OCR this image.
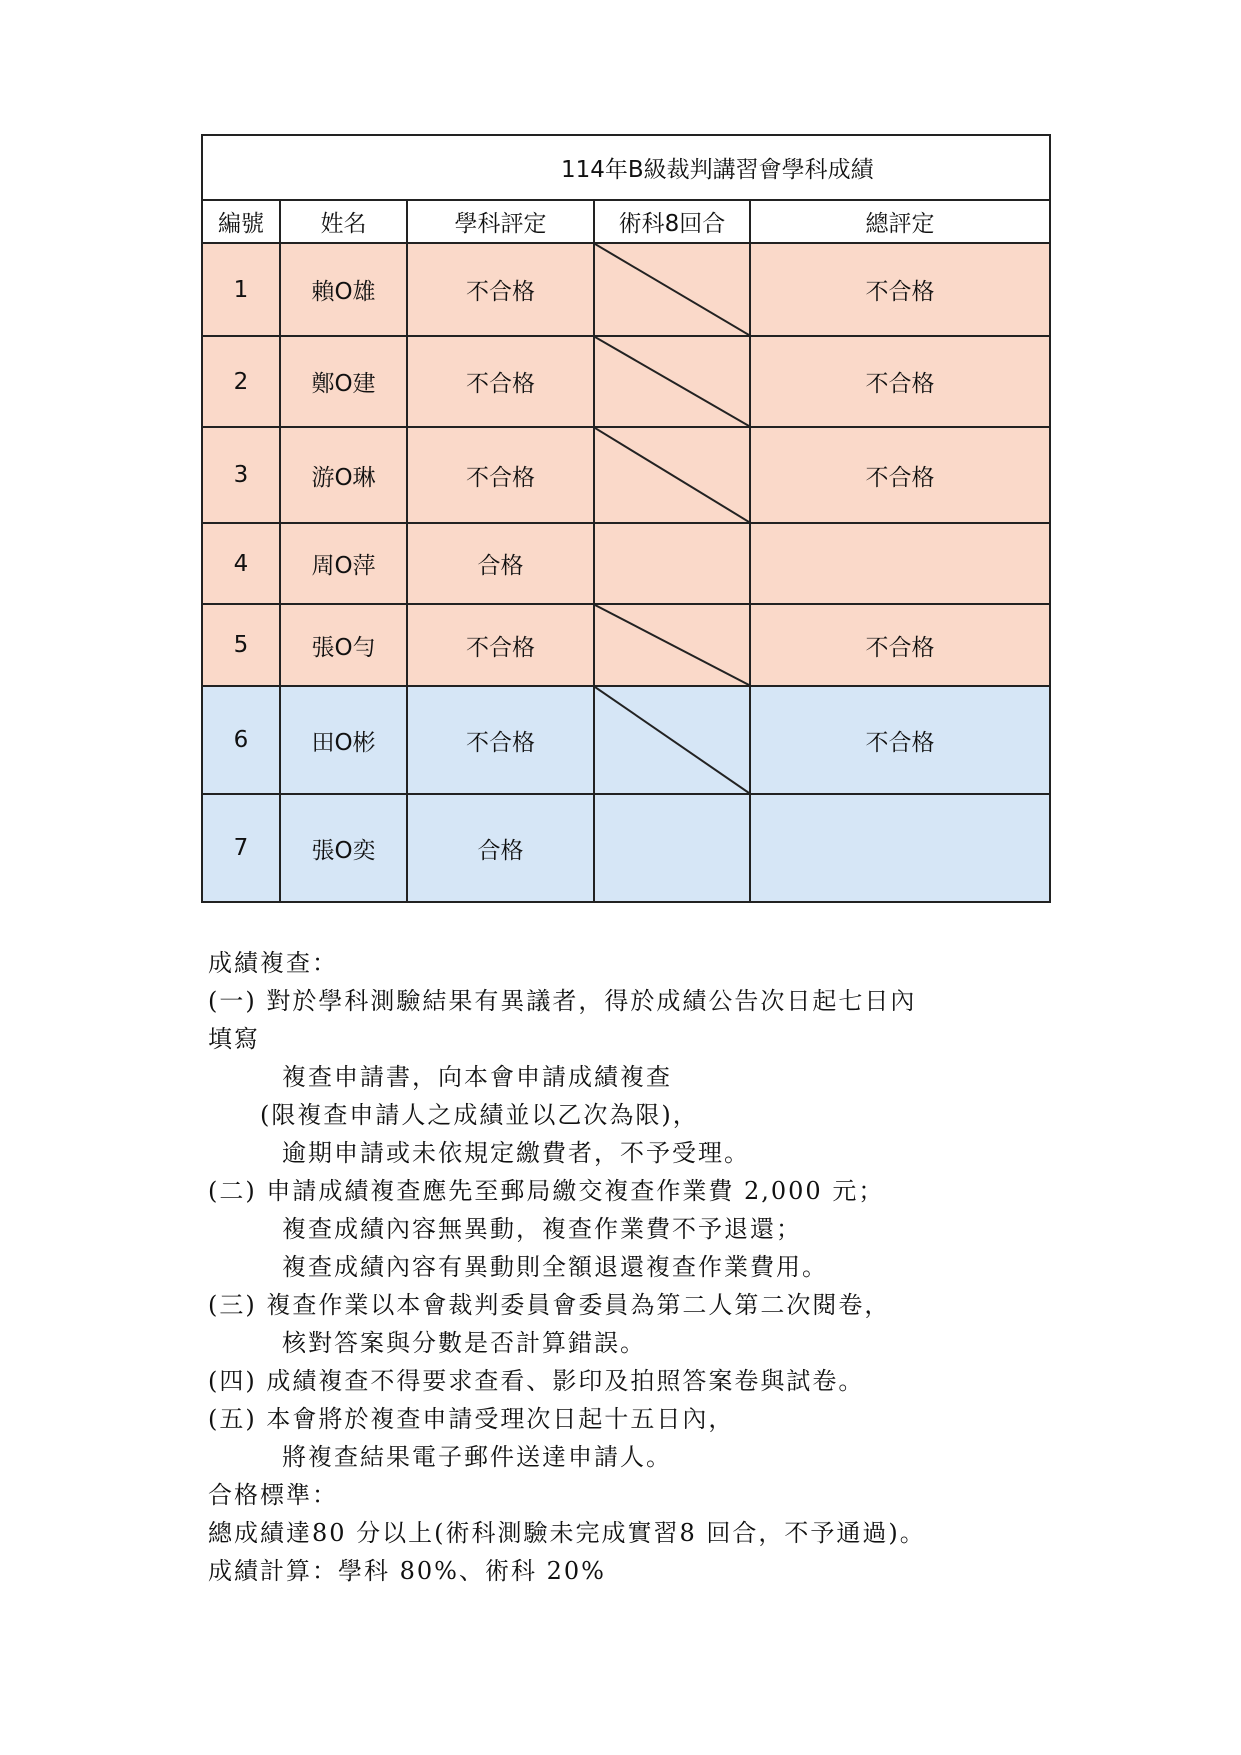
114年B級裁判講習會學科成績				
編號	姓名	學科評定	術科8回合	總評定
1	賴O雄	不合格		不合格
2	鄭O建	不合格		不合格
3	游O琳	不合格		不合格
4	周O萍	合格		
5	張O勻	不合格		不合格
6	田O彬	不合格		不合格
7	張O奕	合格		

成績複查：

(一) 對於學科測驗結果有異議者，得於成績公告次日起七日內

填寫

複查申請書，向本會申請成績複查

(限複查申請人之成績並以乙次為限)，

逾期申請或未依規定繳費者，不予受理。

(二) 申請成績複查應先至郵局繳交複查作業費 2,000 元；

複查成績內容無異動，複查作業費不予退還；

複查成績內容有異動則全額退還複查作業費用。

(三) 複查作業以本會裁判委員會委員為第二人第二次閱卷，

核對答案與分數是否計算錯誤。

(四) 成績複查不得要求查看、影印及拍照答案卷與試卷。

(五) 本會將於複查申請受理次日起十五日內，

將複查結果電子郵件送達申請人。

合格標準：

總成績達80 分以上(術科測驗未完成實習8 回合，不予通過)。

成績計算：學科 80%、術科 20%
